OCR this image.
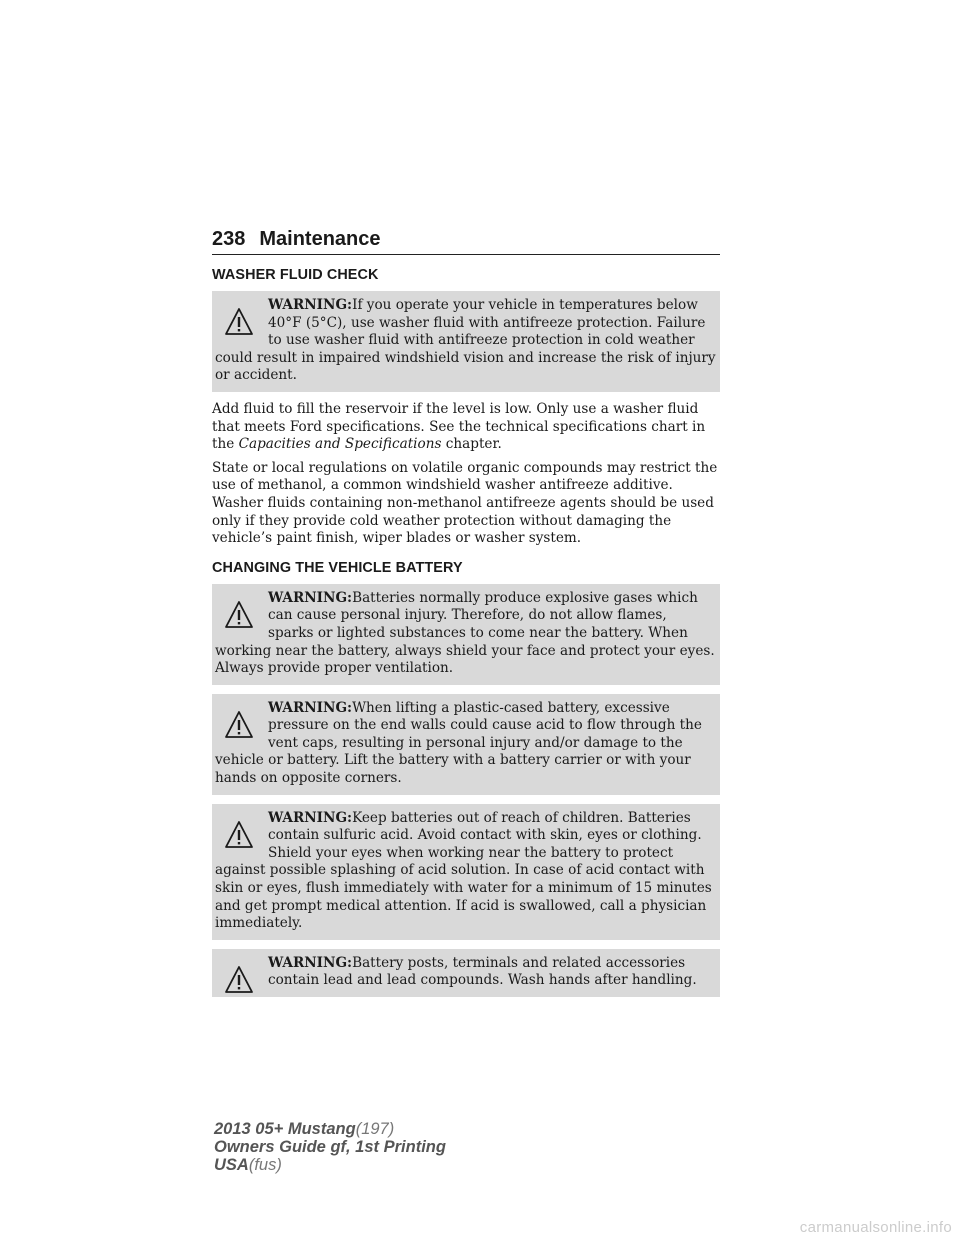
238 Maintenance
WASHER FLUID CHECK
WARNING:If you operate your vehicle in temperatures below 40°F (5°C), use washer fluid with antifreeze protection. Failure to use washer fluid with antifreeze protection in cold weather could result in impaired windshield vision and increase the risk of injury or accident.

Add fluid to fill the reservoir if the level is low. Only use a washer fluid that meets Ford specifications. See the technical specifications chart in the Capacities and Specifications chapter.

State or local regulations on volatile organic compounds may restrict the use of methanol, a common windshield washer antifreeze additive. Washer fluids containing non-methanol antifreeze agents should be used only if they provide cold weather protection without damaging the vehicle’s paint finish, wiper blades or washer system.

CHANGING THE VEHICLE BATTERY
WARNING:Batteries normally produce explosive gases which can cause personal injury. Therefore, do not allow flames, sparks or lighted substances to come near the battery. When working near the battery, always shield your face and protect your eyes. Always provide proper ventilation.
WARNING:When lifting a plastic-cased battery, excessive pressure on the end walls could cause acid to flow through the vent caps, resulting in personal injury and/or damage to the vehicle or battery. Lift the battery with a battery carrier or with your hands on opposite corners.
WARNING:Keep batteries out of reach of children. Batteries contain sulfuric acid. Avoid contact with skin, eyes or clothing. Shield your eyes when working near the battery to protect against possible splashing of acid solution. In case of acid contact with skin or eyes, flush immediately with water for a minimum of 15 minutes and get prompt medical attention. If acid is swallowed, call a physician immediately.
WARNING:Battery posts, terminals and related accessories contain lead and lead compounds. Wash hands after handling.
2013 05+ Mustang(197)
Owners Guide gf, 1st Printing
USA(fus)
carmanualsonline.info
